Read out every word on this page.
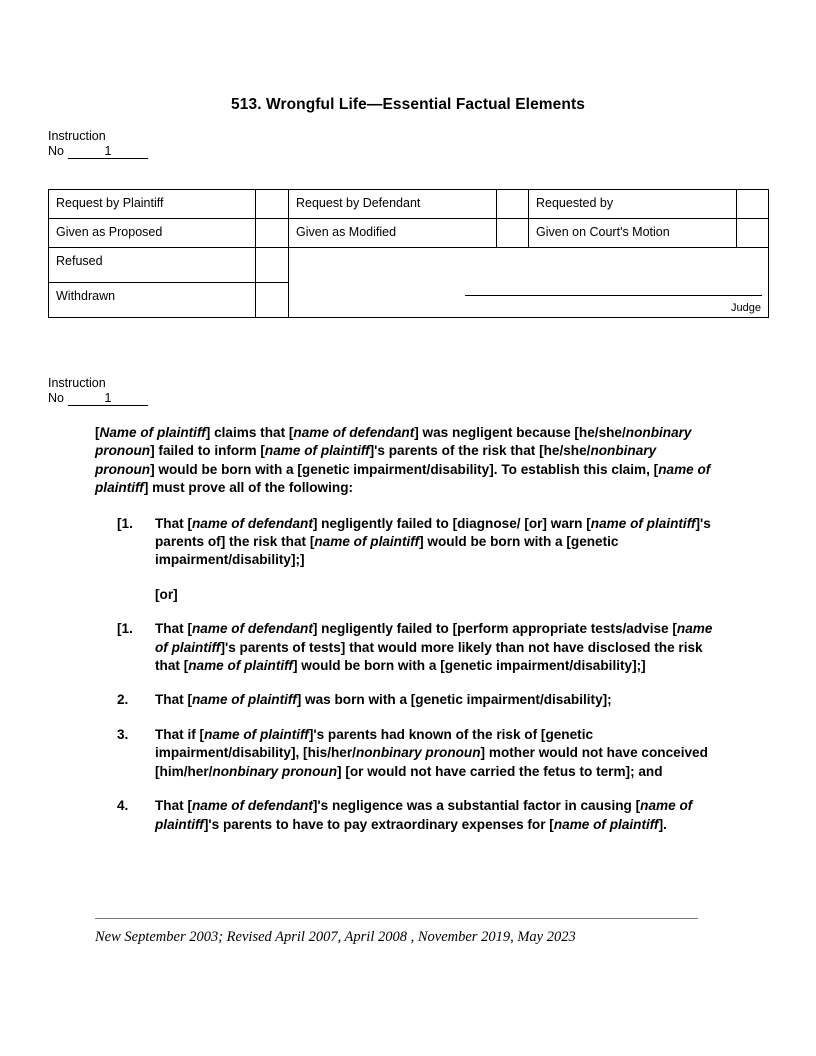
513. Wrongful Life—Essential Factual Elements
Instruction
No	1
Request by Plaintiff		Request by Defendant		Requested by	
Given as Proposed		Given as Modified		Given on Court's Motion	
Refused		Judge			

Withdrawn					
Instruction
No	1

[Name of plaintiff] claims that [name of defendant] was negligent because [he/she/nonbinary pronoun] failed to inform [name of plaintiff]'s parents of the risk that [he/she/nonbinary pronoun] would be born with a [genetic impairment/disability]. To establish this claim, [name of plaintiff] must prove all of the following:

[1.	That [name of defendant] negligently failed to [diagnose/ [or] warn [name of plaintiff]'s parents of] the risk that [name of plaintiff] would be born with a [genetic impairment/disability];]
[or]
[1.	That [name of defendant] negligently failed to [perform appropriate tests/advise [name of plaintiff]'s parents of tests] that would more likely than not have disclosed the risk that [name of plaintiff] would be born with a [genetic impairment/disability];]
2.	That [name of plaintiff] was born with a [genetic impairment/disability];
3.	That if [name of plaintiff]'s parents had known of the risk of [genetic impairment/disability], [his/her/nonbinary pronoun] mother would not have conceived [him/her/nonbinary pronoun] [or would not have carried the fetus to term]; and
4.	That [name of defendant]'s negligence was a substantial factor in causing [name of plaintiff]'s parents to have to pay extraordinary expenses for [name of plaintiff].
New September 2003; Revised April 2007, April 2008 , November 2019, May 2023
